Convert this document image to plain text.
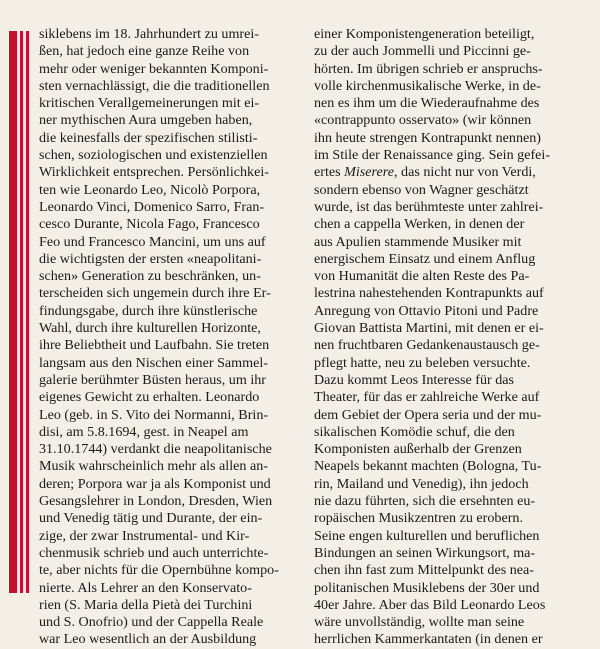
siklebens im 18. Jahrhundert zu umrei-
ßen, hat jedoch eine ganze Reihe von
mehr oder weniger bekannten Komponi-
sten vernachlässigt, die die traditionellen
kritischen Verallgemeinerungen mit ei-
ner mythischen Aura umgeben haben,
die keinesfalls der spezifischen stilisti-
schen, soziologischen und existenziellen
Wirklichkeit entsprechen. Persönlichkei-
ten wie Leonardo Leo, Nicolò Porpora,
Leonardo Vinci, Domenico Sarro, Fran-
cesco Durante, Nicola Fago, Francesco
Feo und Francesco Mancini, um uns auf
die wichtigsten der ersten «neapolitani-
schen» Generation zu beschränken, un-
terscheiden sich ungemein durch ihre Er-
findungsgabe, durch ihre künstlerische
Wahl, durch ihre kulturellen Horizonte,
ihre Beliebtheit und Laufbahn. Sie treten
langsam aus den Nischen einer Sammel-
galerie berühmter Büsten heraus, um ihr
eigenes Gewicht zu erhalten. Leonardo
Leo (geb. in S. Vito dei Normanni, Brin-
disi, am 5.8.1694, gest. in Neapel am
31.10.1744) verdankt die neapolitanische
Musik wahrscheinlich mehr als allen an-
deren; Porpora war ja als Komponist und
Gesangslehrer in London, Dresden, Wien
und Venedig tätig und Durante, der ein-
zige, der zwar Instrumental- und Kir-
chenmusik schrieb und auch unterrichte-
te, aber nichts für die Opernbühne kompo-
nierte. Als Lehrer an den Konservato-
rien (S. Maria della Pietà dei Turchini
und S. Onofrio) und der Cappella Reale
war Leo wesentlich an der Ausbildung
einer Komponistengeneration beteiligt,
zu der auch Jommelli und Piccinni ge-
hörten. Im übrigen schrieb er anspruchs-
volle kirchenmusikalische Werke, in de-
nen es ihm um die Wiederaufnahme des
«contrappunto osservato» (wir können
ihn heute strengen Kontrapunkt nennen)
im Stile der Renaissance ging. Sein gefei-
ertes Miserere, das nicht nur von Verdi,
sondern ebenso von Wagner geschätzt
wurde, ist das berühmteste unter zahlrei-
chen a cappella Werken, in denen der
aus Apulien stammende Musiker mit
energischem Einsatz und einem Anflug
von Humanität die alten Reste des Pa-
lestrina nahestehenden Kontrapunkts auf
Anregung von Ottavio Pitoni und Padre
Giovan Battista Martini, mit denen er ei-
nen fruchtbaren Gedankenaustausch ge-
pflegt hatte, neu zu beleben versuchte.
Dazu kommt Leos Interesse für das
Theater, für das er zahlreiche Werke auf
dem Gebiet der Opera seria und der mu-
sikalischen Komödie schuf, die den
Komponisten außerhalb der Grenzen
Neapels bekannt machten (Bologna, Tu-
rin, Mailand und Venedig), ihn jedoch
nie dazu führten, sich die ersehnten eu-
ropäischen Musikzentren zu erobern.
Seine engen kulturellen und beruflichen
Bindungen an seinen Wirkungsort, ma-
chen ihn fast zum Mittelpunkt des nea-
politanischen Musiklebens der 30er und
40er Jahre. Aber das Bild Leonardo Leos
wäre unvollständig, wollte man seine
herrlichen Kammerkantaten (in denen er
